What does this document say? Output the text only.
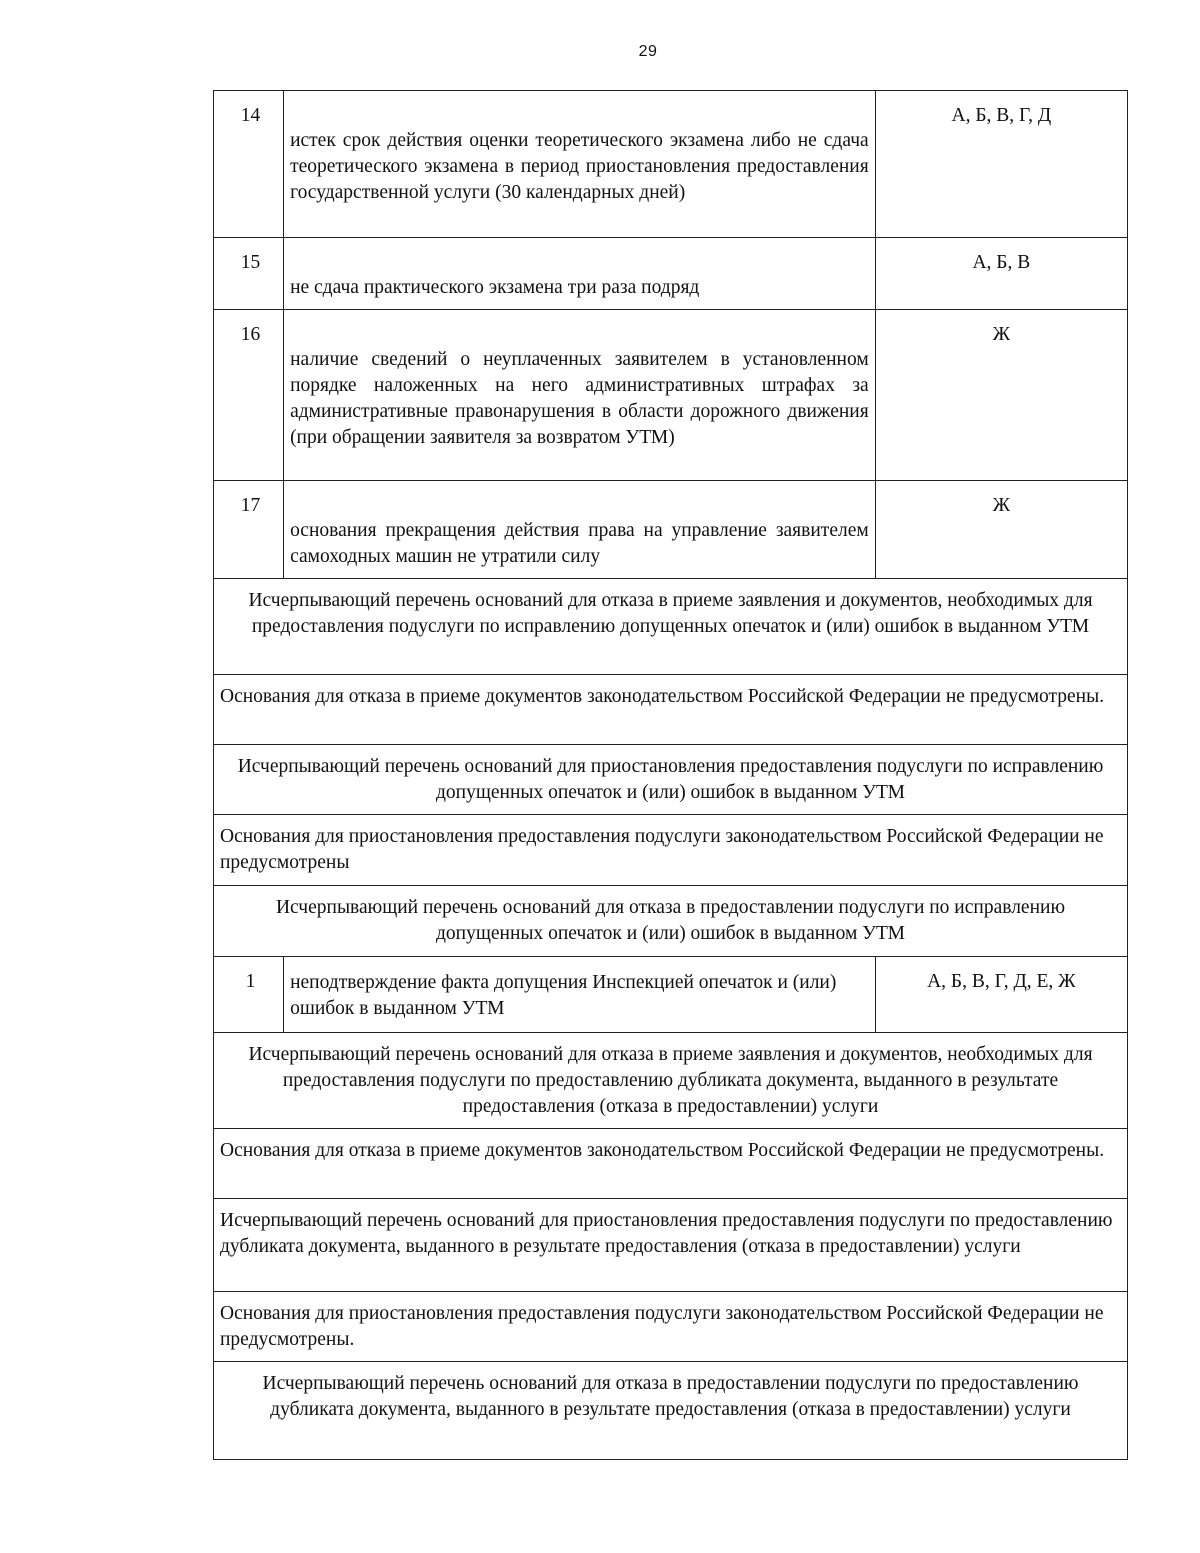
29
14	истек срок действия оценки теоретического экзамена либо не сдача теоретического экзамена в период приостановления предоставления государственной услуги (30 календарных дней)	А, Б, В, Г, Д
15	не сдача практического экзамена три раза подряд	А, Б, В
16	наличие сведений о неуплаченных заявителем в установленном порядке наложенных на него административных штрафах за административные правонарушения в области дорожного движения (при обращении заявителя за возвратом УТМ)	Ж
17	основания прекращения действия права на управление заявителем самоходных машин не утратили силу	Ж
Исчерпывающий перечень оснований для отказа в приеме заявления и документов, необходимых для предоставления подуслуги по исправлению допущенных опечаток и (или) ошибок в выданном УТМ		
Основания для отказа в приеме документов законодательством Российской Федерации не предусмотрены.		
Исчерпывающий перечень оснований для приостановления предоставления подуслуги по исправлению допущенных опечаток и (или) ошибок в выданном УТМ		
Основания для приостановления предоставления подуслуги законодательством Российской Федерации не предусмотрены		
Исчерпывающий перечень оснований для отказа в предоставлении подуслуги по исправлению допущенных опечаток и (или) ошибок в выданном УТМ		
1	неподтверждение факта допущения Инспекцией опечаток и (или) ошибок в выданном УТМ	А, Б, В, Г, Д, Е, Ж
Исчерпывающий перечень оснований для отказа в приеме заявления и документов, необходимых для предоставления подуслуги по предоставлению дубликата документа, выданного в результате предоставления (отказа в предоставлении) услуги		
Основания для отказа в приеме документов законодательством Российской Федерации не предусмотрены.		
Исчерпывающий перечень оснований для приостановления предоставления подуслуги по предоставлению дубликата документа, выданного в результате предоставления (отказа в предоставлении) услуги		
Основания для приостановления предоставления подуслуги законодательством Российской Федерации не предусмотрены.		
Исчерпывающий перечень оснований для отказа в предоставлении подуслуги по предоставлению дубликата документа, выданного в результате предоставления (отказа в предоставлении) услуги		
